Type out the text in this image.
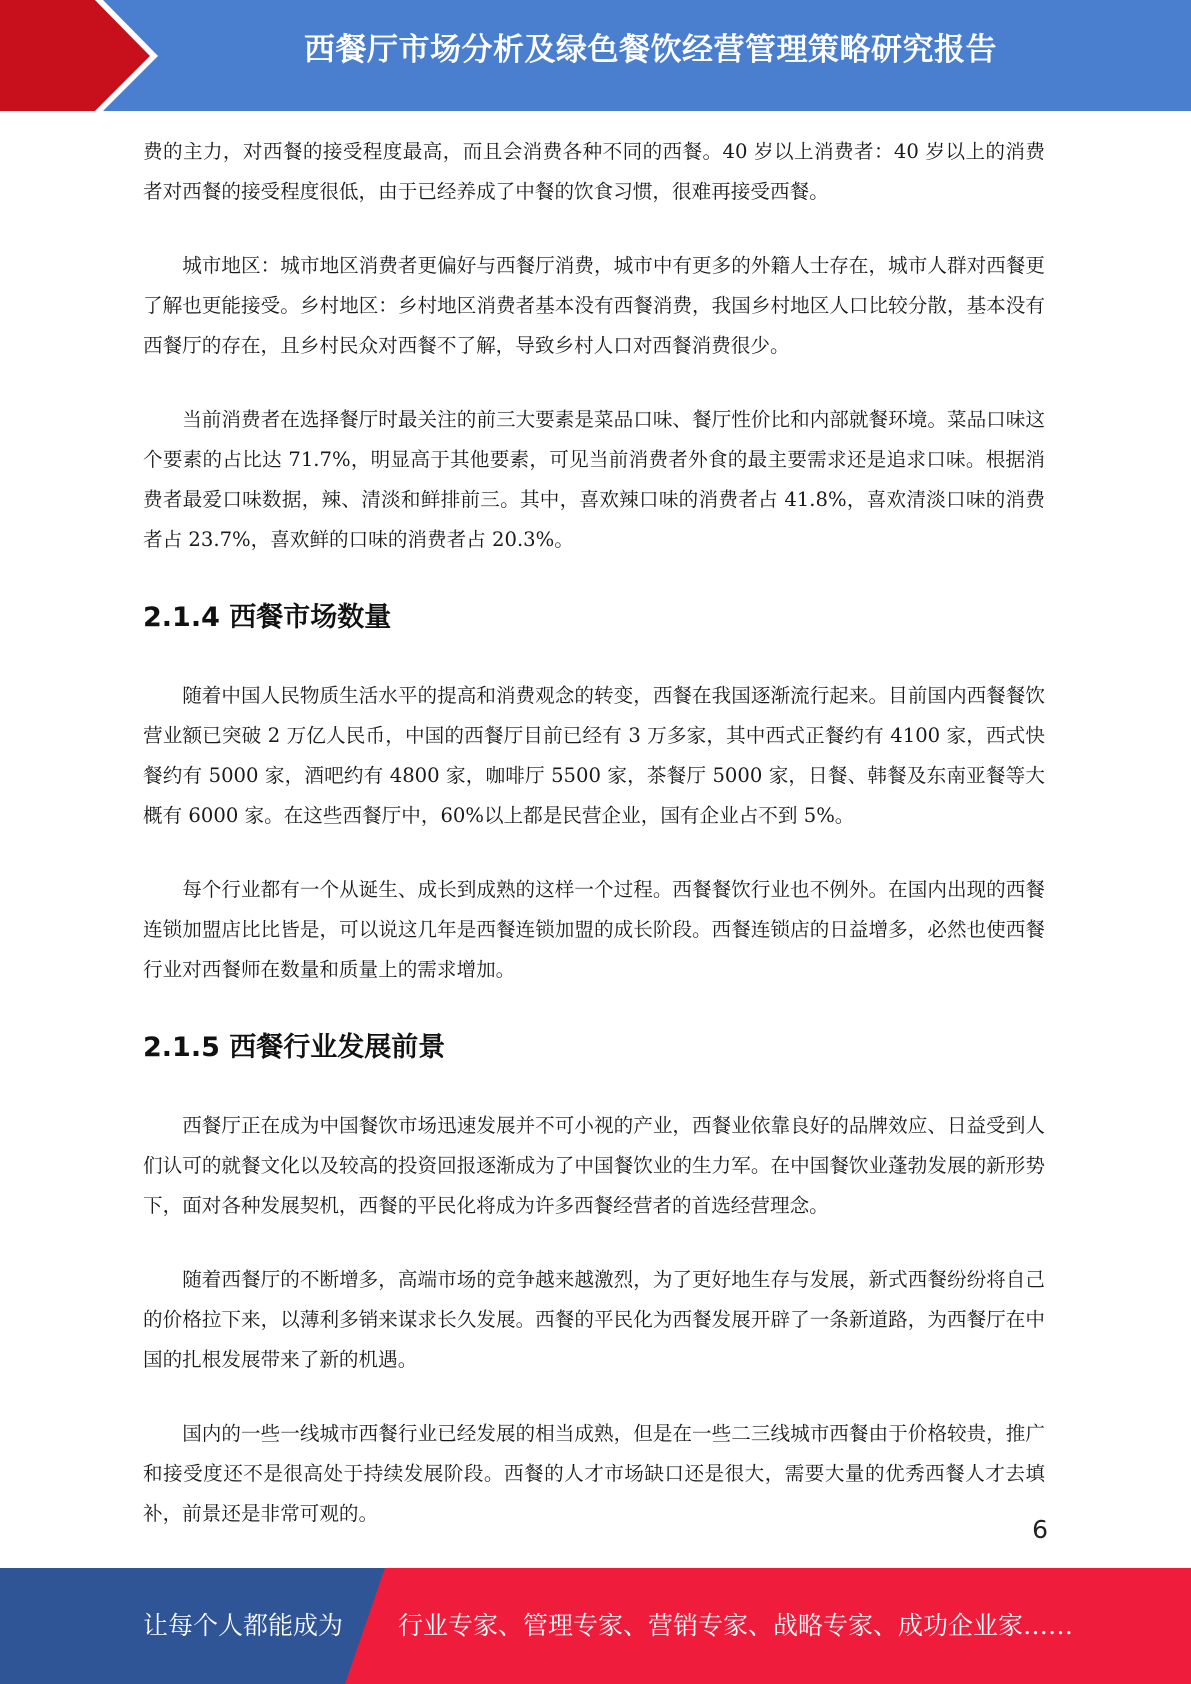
西餐厅市场分析及绿色餐饮经营管理策略研究报告

费的主力，对西餐的接受程度最高，而且会消费各种不同的西餐。40 岁以上消费者：40 岁以上的消费者对西餐的接受程度很低，由于已经养成了中餐的饮食习惯，很难再接受西餐。

城市地区：城市地区消费者更偏好与西餐厅消费，城市中有更多的外籍人士存在，城市人群对西餐更了解也更能接受。乡村地区：乡村地区消费者基本没有西餐消费，我国乡村地区人口比较分散，基本没有西餐厅的存在，且乡村民众对西餐不了解，导致乡村人口对西餐消费很少。

当前消费者在选择餐厅时最关注的前三大要素是菜品口味、餐厅性价比和内部就餐环境。菜品口味这个要素的占比达 71.7%，明显高于其他要素，可见当前消费者外食的最主要需求还是追求口味。根据消费者最爱口味数据，辣、清淡和鲜排前三。其中，喜欢辣口味的消费者占 41.8%，喜欢清淡口味的消费者占 23.7%，喜欢鲜的口味的消费者占 20.3%。

2.1.4 西餐市场数量

随着中国人民物质生活水平的提高和消费观念的转变，西餐在我国逐渐流行起来。目前国内西餐餐饮营业额已突破 2 万亿人民币，中国的西餐厅目前已经有 3 万多家，其中西式正餐约有 4100 家，西式快餐约有 5000 家，酒吧约有 4800 家，咖啡厅 5500 家，茶餐厅 5000 家，日餐、韩餐及东南亚餐等大概有 6000 家。在这些西餐厅中，60%以上都是民营企业，国有企业占不到 5%。

每个行业都有一个从诞生、成长到成熟的这样一个过程。西餐餐饮行业也不例外。在国内出现的西餐连锁加盟店比比皆是，可以说这几年是西餐连锁加盟的成长阶段。西餐连锁店的日益增多，必然也使西餐行业对西餐师在数量和质量上的需求增加。

2.1.5 西餐行业发展前景

西餐厅正在成为中国餐饮市场迅速发展并不可小视的产业，西餐业依靠良好的品牌效应、日益受到人们认可的就餐文化以及较高的投资回报逐渐成为了中国餐饮业的生力军。在中国餐饮业蓬勃发展的新形势下，面对各种发展契机，西餐的平民化将成为许多西餐经营者的首选经营理念。

随着西餐厅的不断增多，高端市场的竞争越来越激烈，为了更好地生存与发展，新式西餐纷纷将自己的价格拉下来，以薄利多销来谋求长久发展。西餐的平民化为西餐发展开辟了一条新道路，为西餐厅在中国的扎根发展带来了新的机遇。

国内的一些一线城市西餐行业已经发展的相当成熟，但是在一些二三线城市西餐由于价格较贵，推广和接受度还不是很高处于持续发展阶段。西餐的人才市场缺口还是很大，需要大量的优秀西餐人才去填补，前景还是非常可观的。

6
让每个人都能成为 行业专家、管理专家、营销专家、战略专家、成功企业家……
